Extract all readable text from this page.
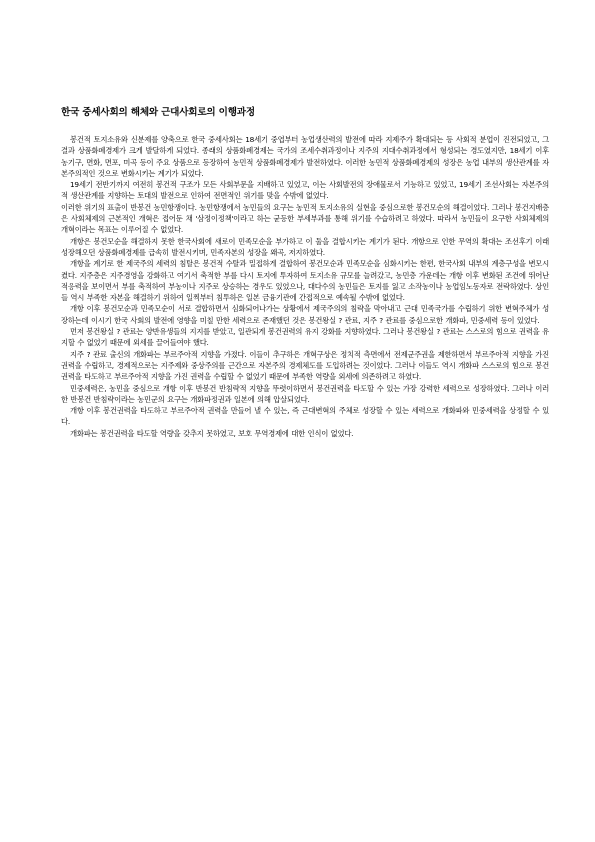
한국 중세사회의 해체와 근대사회로의 이행과정

봉건적 토지소유와 신분제를 양축으로 한국 중세사회는 18세기 중엽부터 농업생산력의 발전에 따라 지제주가 확대되는 등 사회적 분업이 진전되었고, 그 결과 상품화폐경제가 크게 발달하게 되었다. 종래의 상품화폐경제는 국가의 조세수취과정이나 지주의 지대수취과정에서 형성되는 경도였지만, 18세기 이후 농기구, 면화, 면포, 미곡 등이 주요 상품으로 등장하여 농민적 상품화폐경제가 발전하였다. 이러한 농민적 상품화폐경제의 성장은 농업 내부의 생산관계를 자본주의적인 것으로 변화시키는 계기가 되었다.

19세기 전반기까지 여전히 봉건적 구조가 모든 사회부문을 지배하고 있었고, 이는 사회발전의 장애물로서 기능하고 있었고, 19세기 조선사회는 자본주의적 생산관계를 지향하는 토대의 발전으로 인하여 전면적인 위기를 맞을 수밖에 없었다.

이러한 위기의 표출이 반봉건 농민항쟁이다. 농민항쟁에서 농민들의 요구는 농민적 토지소유의 실현을 중심으로한 봉건모순의 해결이었다. 그러나 봉건지배층은 사회체제의 근본적인 개혁은 접어둔 채 '삼정이정책'이라고 하는 균등한 부세부과를 통해 위기를 수습하려고 하였다. 따라서 농민들이 요구한 사회체제의 개혁이라는 목표는 이루어질 수 없었다.

개항은 봉건모순을 해결하지 못한 한국사회에 새로이 민족모순을 부가하고 이 둘을 결합시키는 계기가 된다. 개항으로 인한 무역의 확대는 조선후기 이래 성장해오던 상품화폐경제를 급속히 발전시키며, 민족자본의 성장을 왜곡, 저지하였다.

개항을 계기로 한 제국주의 세력의 침탈은 봉건적 수탈과 밀접하게 결합하여 봉건모순과 민족모순을 심화시키는 한편, 한국사회 내부의 계층구성을 변모시켰다. 지주층은 지주경영을 강화하고 여기서 축적한 부를 다시 토지에 투자하여 토지소유 규모를 늘려갔고, 농민층 가운데는 개항 이후 변화된 조건에 뛰어난 적응력을 보이면서 부를 축적하여 부농이나 지주로 상승하는 경우도 있었으나, 대다수의 농민들은 토지를 잃고 소작농이나 농업임노동자로 전락하였다. 상인들 역시 부족한 자본을 해결하기 위하여 일찍부터 침투하은 일본 금융기관에 간접적으로 예속될 수밖에 없었다.

개항 이후 봉건모순과 민족모순이 서로 결합하면서 심화되어나가는 상황에서 제국주의의 침략을 막아내고 근대 민족국가를 수립하기 위한 변혁주체가 성장하는데 이시기 한국 사회의 발전에 영향을 미칠 만한 세력으로 존재했던 것은 봉건왕실 ? 관료, 지주 ? 관료를 중심으로한 개화파, 민중세력 등이 있었다.

먼저 봉건왕실 ? 관료는 양반유생들의 지지를 받았고, 일관되게 봉건권력의 유지 강화를 지향하였다. 그러나 봉건왕실 ? 관료는 스스로의 힘으로 권력을 유지할 수 없었기 때문에 외세를 끌어들여야 했다.

지주 ? 관료 출신의 개화파는 부르주아적 지향을 가졌다. 이들이 추구하은 개혁구상은 정치적 측면에서 전제군주권을 제한하면서 부르주아적 지향을 가진 권력을 수립하고, 경제적으로는 지주제와 중상주의를 근간으로 자본주의 경제체도를 도입하려는 것이었다. 그러나 이들도 역시 개화파 스스로의 힘으로 봉건권력을 타도하고 부르주아적 지향을 가진 권력을 수립할 수 없었기 때문에 부족한 역량을 외세에 의존하려고 하였다.

민중세력은, 농민을 중심으로 개항 이후 반봉건 반침략적 지향을 뚜렷이하면서 봉건권력을 타도할 수 있는 가장 강력한 세력으로 성장하였다. 그러나 이러한 반봉건 반침략이라는 농민군의 요구는 개화파정권과 일본에 의해 압살되었다.

개항 이후 봉건권력을 타도하고 부르주아적 권력을 만들어 낼 수 있는, 즉 근대변혁의 주체로 성장할 수 있는 세력으로 개화파와 민중세력을 상정할 수 있다.

개화파는 봉건권력을 타도할 역량을 갖추지 못하였고, 보호 무역경제에 대한 인식이 없었다.
